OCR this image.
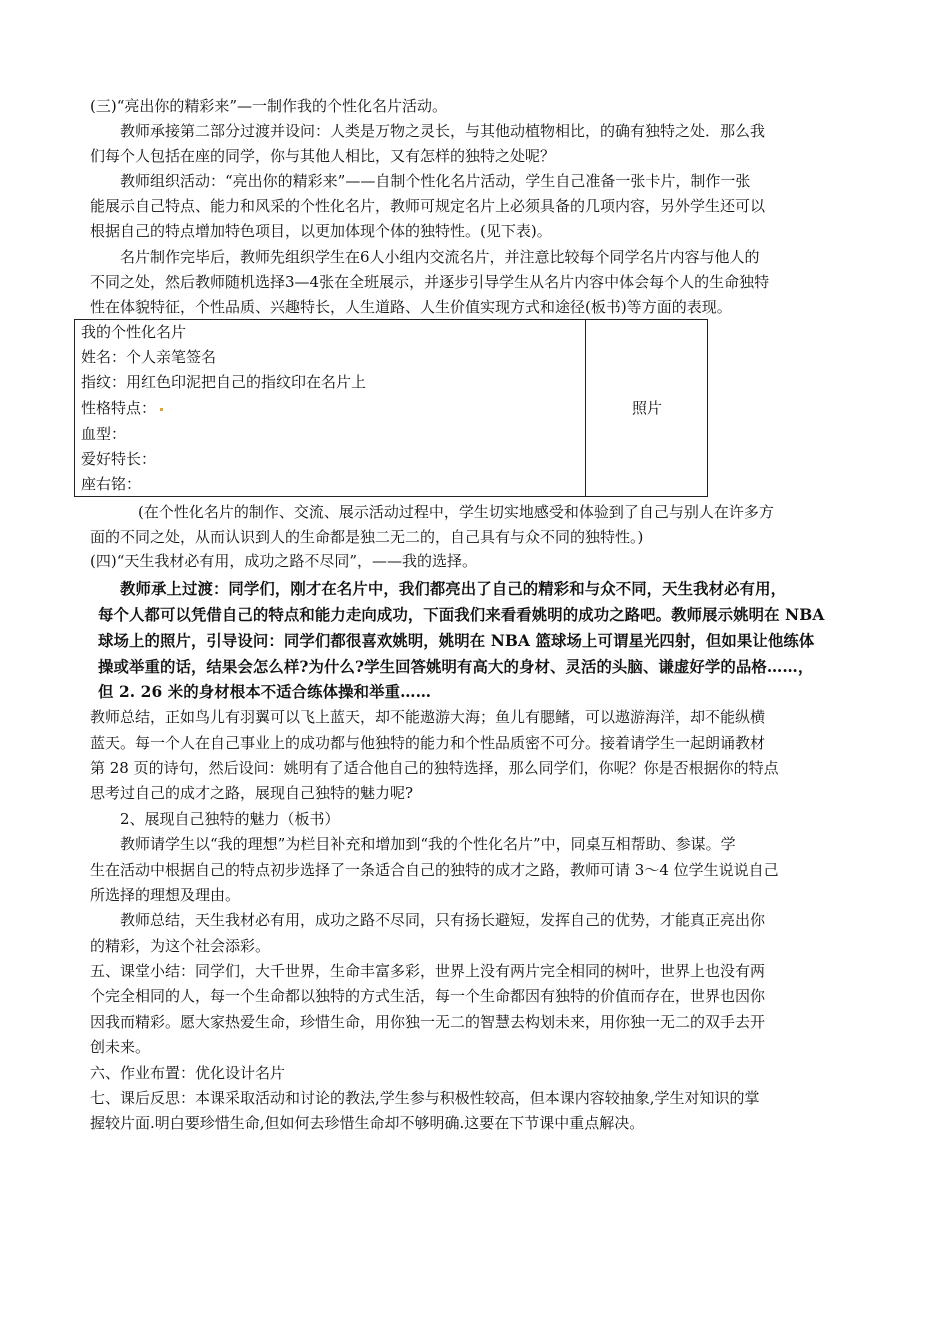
(三)“亮出你的精彩来”—一制作我的个性化名片活动。
教师承接第二部分过渡并设问：人类是万物之灵长，与其他动植物相比，的确有独特之处．那么我
们每个人包括在座的同学，你与其他人相比，又有怎样的独特之处呢？
教师组织活动：“亮出你的精彩来”——自制个性化名片活动，学生自己准备一张卡片，制作一张
能展示自己特点、能力和风采的个性化名片，教师可规定名片上必须具备的几项内容，另外学生还可以
根据自己的特点增加特色项目，以更加体现个体的独特性。(见下表)。
名片制作完毕后，教师先组织学生在6人小组内交流名片，并注意比较每个同学名片内容与他人的
不同之处，然后教师随机选择3—4张在全班展示，并逐步引导学生从名片内容中体会每个人的生命独特
性在体貌特征，个性品质、兴趣特长，人生道路、人生价值实现方式和途径(板书)等方面的表现。
我的个性化名片
姓名：个人亲笔签名
指纹：用红色印泥把自己的指纹印在名片上
性格特点：
血型：
爱好特长：
座右铭：
照片
(在个性化名片的制作、交流、展示活动过程中，学生切实地感受和体验到了自己与别人在许多方
面的不同之处，从而认识到人的生命都是独二无二的，自己具有与众不同的独特性。)
(四)“天生我材必有用，成功之路不尽同”，——我的选择。
教师承上过渡：同学们，刚才在名片中，我们都亮出了自己的精彩和与众不同，天生我材必有用，
每个人都可以凭借自己的特点和能力走向成功，下面我们来看看姚明的成功之路吧。教师展示姚明在 NBA
球场上的照片，引导设问：同学们都很喜欢姚明，姚明在 NBA 篮球场上可谓星光四射，但如果让他练体
操或举重的话，结果会怎么样?为什么?学生回答姚明有高大的身材、灵活的头脑、谦虚好学的品格……，
但 2. 26 米的身材根本不适合练体操和举重……
教师总结，正如鸟儿有羽翼可以飞上蓝天，却不能遨游大海；鱼儿有腮鳍，可以遨游海洋，却不能纵横
蓝天。每一个人在自己事业上的成功都与他独特的能力和个性品质密不可分。接着请学生一起朗诵教材
第 28 页的诗句，然后设问：姚明有了适合他自己的独特选择，那么同学们，你呢？你是否根据你的特点
思考过自己的成才之路，展现自己独特的魅力呢?
2、展现自己独特的魅力（板书）
教师请学生以“我的理想”为栏目补充和增加到“我的个性化名片”中，同桌互相帮助、参谋。学
生在活动中根据自己的特点初步选择了一条适合自己的独特的成才之路，教师可请 3～4 位学生说说自己
所选择的理想及理由。
教师总结，天生我材必有用，成功之路不尽同，只有扬长避短，发挥自己的优势，才能真正亮出你
的精彩，为这个社会添彩。
五、课堂小结：同学们，大千世界，生命丰富多彩，世界上没有两片完全相同的树叶，世界上也没有两
个完全相同的人，每一个生命都以独特的方式生活，每一个生命都因有独特的价值而存在，世界也因你
因我而精彩。愿大家热爱生命，珍惜生命，用你独一无二的智慧去构划未来，用你独一无二的双手去开
创未来。
六、作业布置：优化设计名片
七、课后反思：本课采取活动和讨论的教法,学生参与积极性较高，但本课内容较抽象,学生对知识的掌
握较片面.明白要珍惜生命,但如何去珍惜生命却不够明确.这要在下节课中重点解决。
